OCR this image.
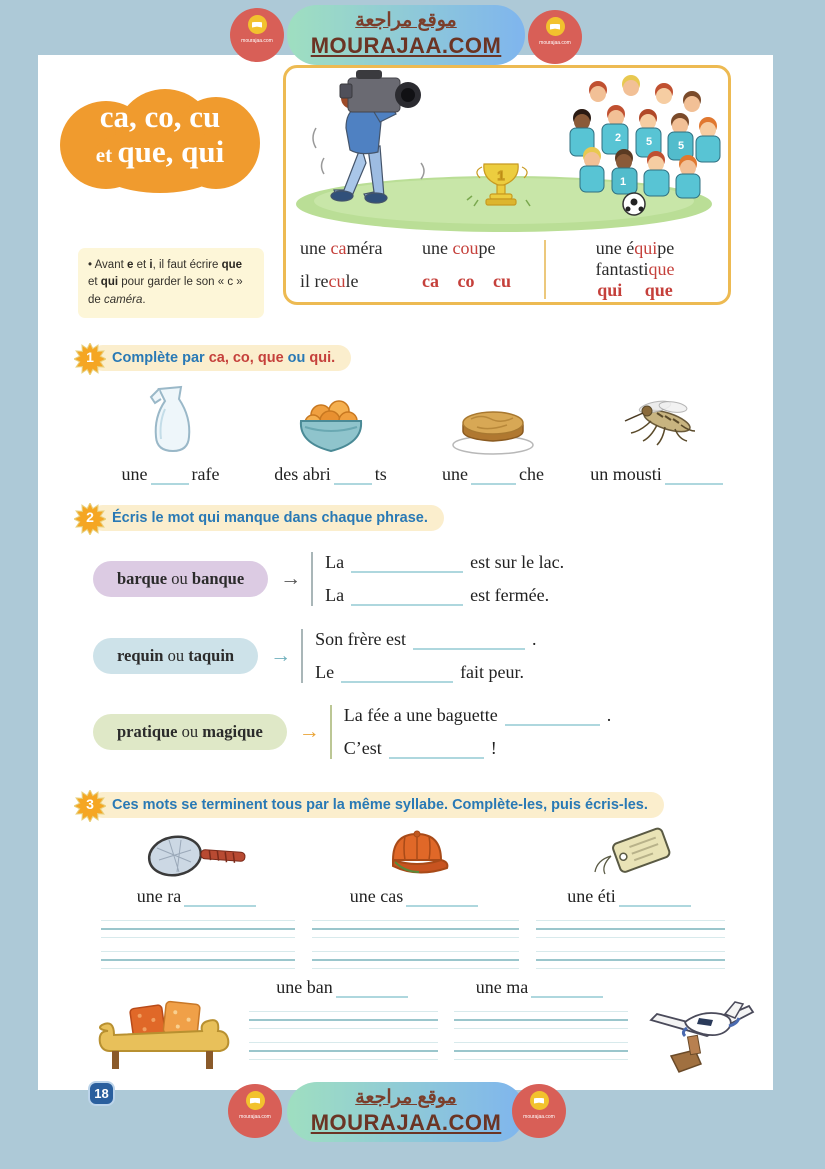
mourajaa.com
موقع مراجعة
MOURAJAA.COM	mourajaa.com
ca, co, cu
et que, qui
1
2 5 5
1
une caméra	une coupe
il recule	ca co cu
une équipe fantastique
qui que
• Avant e et i, il faut écrire que et qui pour garder le son « c » de caméra.
1	Complète par ca, co, que ou qui.
une rafe	des abri ts	une	che	un mousti
2	Écris le mot qui manque dans chaque phrase.
barque ou banque	→
La	est sur le lac.
La	est fermée.
requin ou taquin	→
Son frère est	.
Le	fait peur.
pratique ou magique	→
La fée a une baguette	.
C’est	!
3	Ces mots se terminent tous par la même syllabe. Complète-les, puis écris-les.
une ra	une cas	une éti
une ban	une ma
18
mourajaa.com
موقع مراجعة
MOURAJAA.COM	mourajaa.com
